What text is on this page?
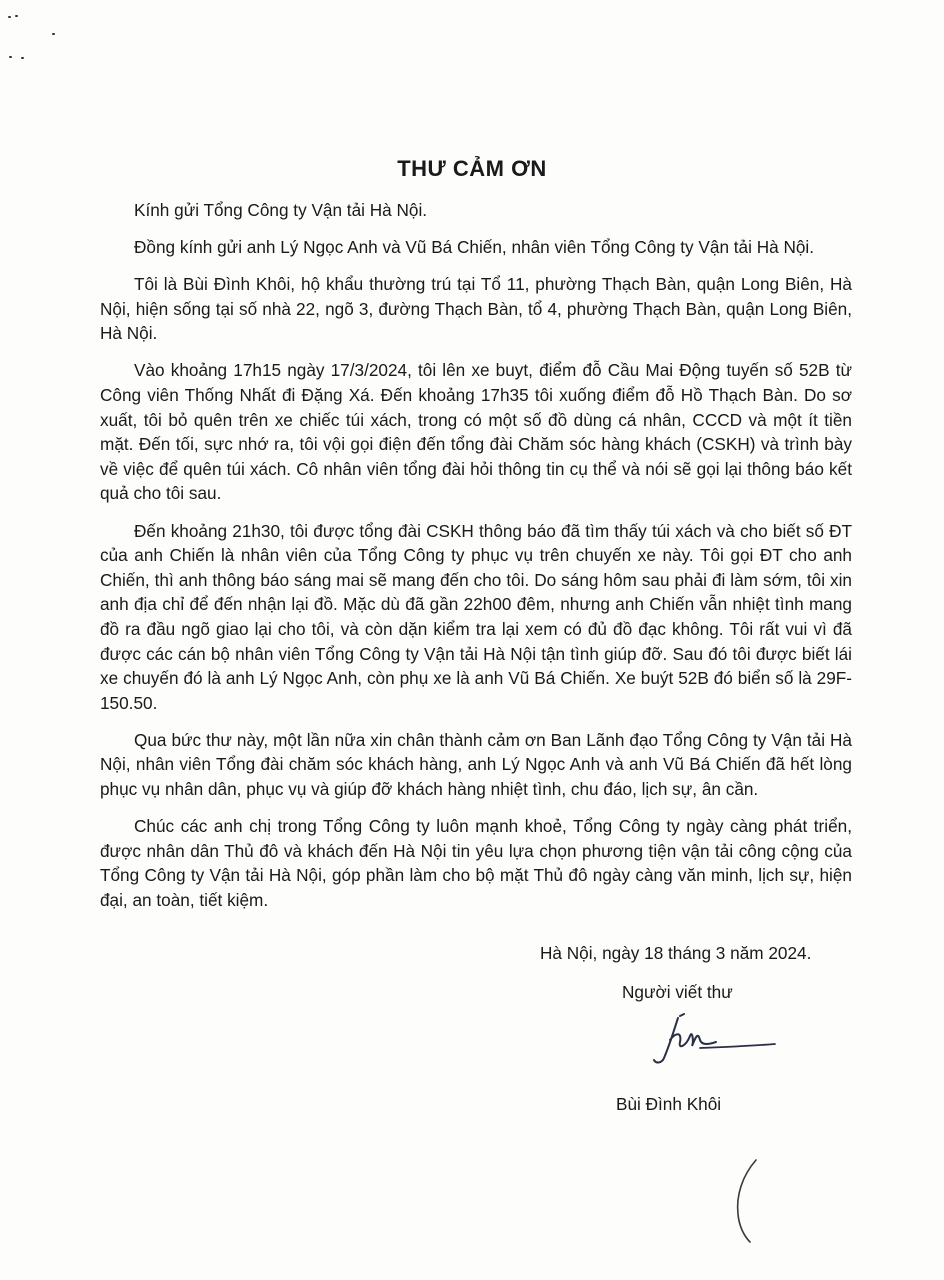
THƯ CẢM ƠN

Kính gửi Tổng Công ty Vận tải Hà Nội.

Đồng kính gửi anh Lý Ngọc Anh và Vũ Bá Chiến, nhân viên Tổng Công ty Vận tải Hà Nội.

Tôi là Bùi Đình Khôi, hộ khẩu thường trú tại Tổ 11, phường Thạch Bàn, quận Long Biên, Hà Nội, hiện sống tại số nhà 22, ngõ 3, đường Thạch Bàn, tổ 4, phường Thạch Bàn, quận Long Biên, Hà Nội.

Vào khoảng 17h15 ngày 17/3/2024, tôi lên xe buyt, điểm đỗ Cầu Mai Động tuyến số 52B từ Công viên Thống Nhất đi Đặng Xá. Đến khoảng 17h35 tôi xuống điểm đỗ Hồ Thạch Bàn. Do sơ xuất, tôi bỏ quên trên xe chiếc túi xách, trong có một số đồ dùng cá nhân, CCCD và một ít tiền mặt. Đến tối, sực nhớ ra, tôi vội gọi điện đến tổng đài Chăm sóc hàng khách (CSKH) và trình bày về việc để quên túi xách. Cô nhân viên tổng đài hỏi thông tin cụ thể và nói sẽ gọi lại thông báo kết quả cho tôi sau.

Đến khoảng 21h30, tôi được tổng đài CSKH thông báo đã tìm thấy túi xách và cho biết số ĐT của anh Chiến là nhân viên của Tổng Công ty phục vụ trên chuyến xe này. Tôi gọi ĐT cho anh Chiến, thì anh thông báo sáng mai sẽ mang đến cho tôi. Do sáng hôm sau phải đi làm sớm, tôi xin anh địa chỉ để đến nhận lại đồ. Mặc dù đã gần 22h00 đêm, nhưng anh Chiến vẫn nhiệt tình mang đồ ra đầu ngõ giao lại cho tôi, và còn dặn kiểm tra lại xem có đủ đồ đạc không. Tôi rất vui vì đã được các cán bộ nhân viên Tổng Công ty Vận tải Hà Nội tận tình giúp đỡ. Sau đó tôi được biết lái xe chuyến đó là anh Lý Ngọc Anh, còn phụ xe là anh Vũ Bá Chiến. Xe buýt 52B đó biển số là 29F-150.50.

Qua bức thư này, một lần nữa xin chân thành cảm ơn Ban Lãnh đạo Tổng Công ty Vận tải Hà Nội, nhân viên Tổng đài chăm sóc khách hàng, anh Lý Ngọc Anh và anh Vũ Bá Chiến đã hết lòng phục vụ nhân dân, phục vụ và giúp đỡ khách hàng nhiệt tình, chu đáo, lịch sự, ân cần.

Chúc các anh chị trong Tổng Công ty luôn mạnh khoẻ, Tổng Công ty ngày càng phát triển, được nhân dân Thủ đô và khách đến Hà Nội tin yêu lựa chọn phương tiện vận tải công cộng của Tổng Công ty Vận tải Hà Nội, góp phần làm cho bộ mặt Thủ đô ngày càng văn minh, lịch sự, hiện đại, an toàn, tiết kiệm.

Hà Nội, ngày 18 tháng 3 năm 2024.
Người viết thư
Bùi Đình Khôi
